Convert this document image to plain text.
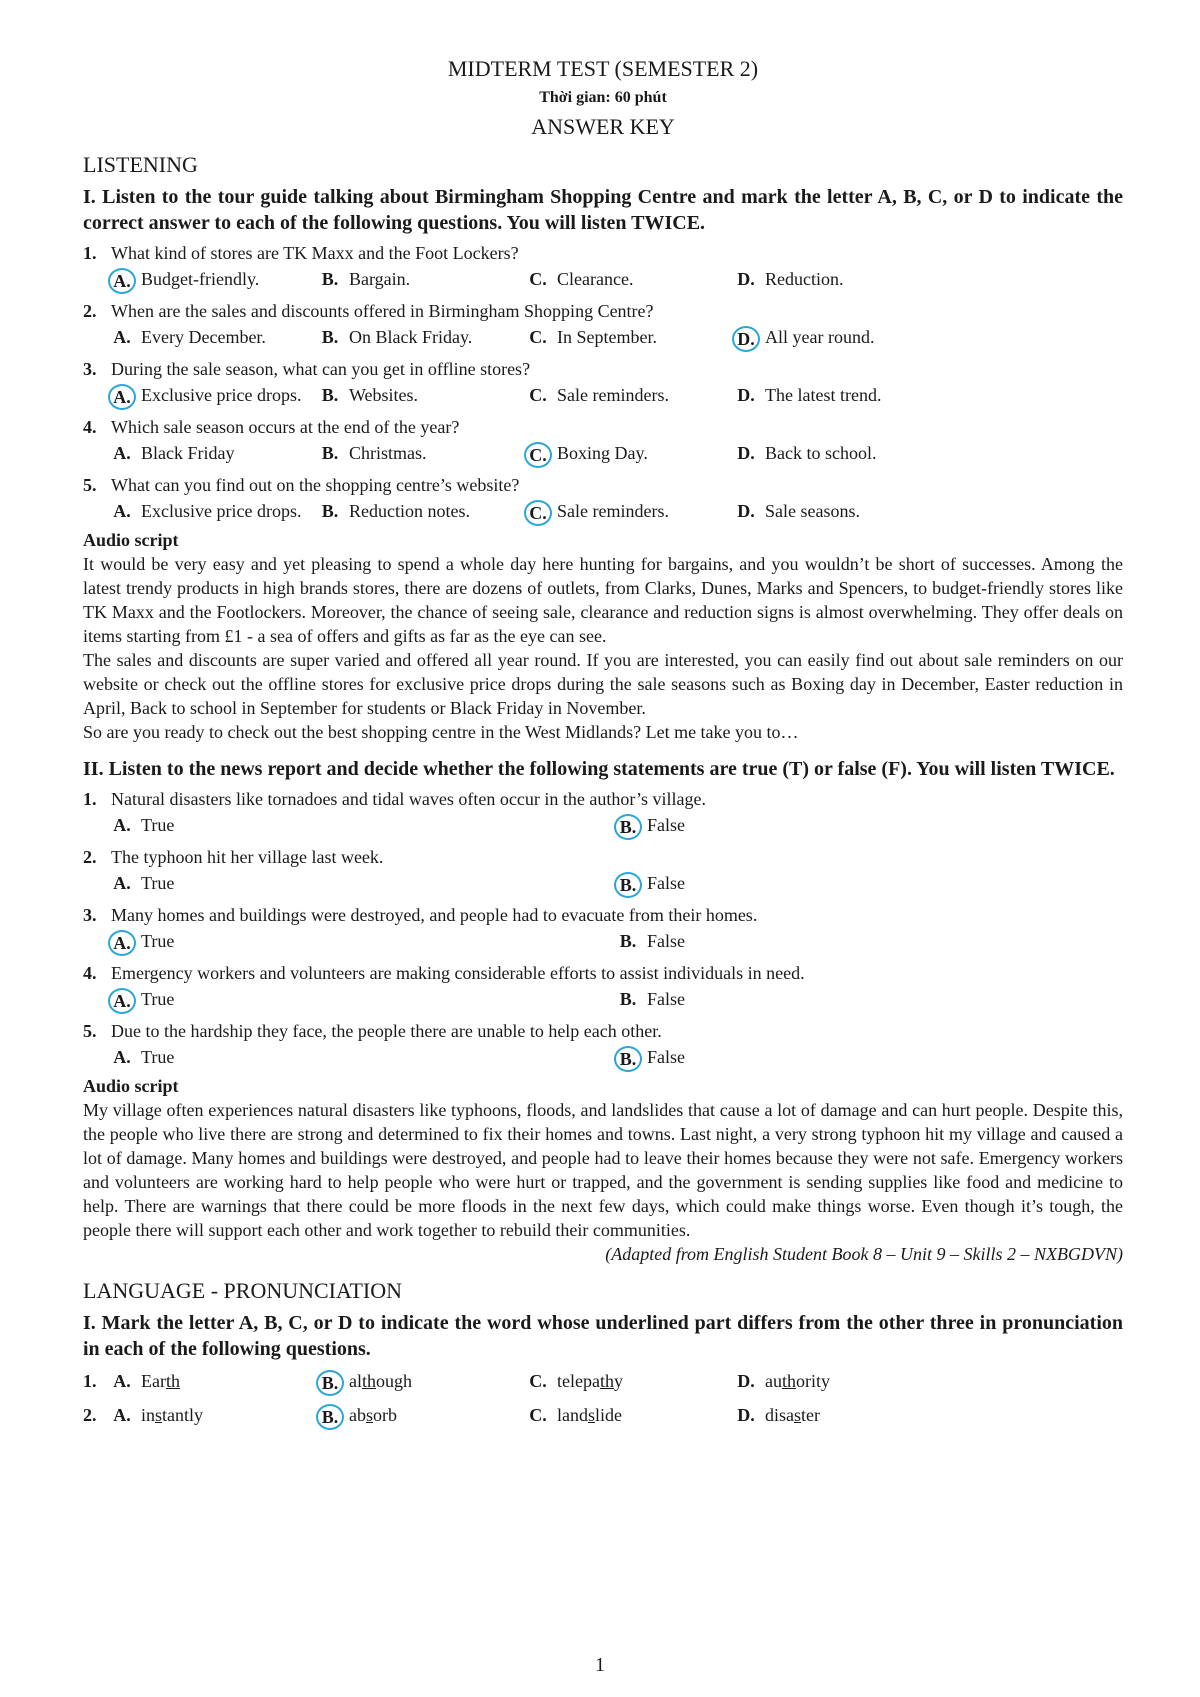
MIDTERM TEST (SEMESTER 2)
Thời gian: 60 phút
ANSWER KEY
LISTENING
I. Listen to the tour guide talking about Birmingham Shopping Centre and mark the letter A, B, C, or D to indicate the correct answer to each of the following questions. You will listen TWICE.
1. What kind of stores are TK Maxx and the Foot Lockers?
A. Budget-friendly.	B. Bargain.	C. Clearance.	D. Reduction.
2. When are the sales and discounts offered in Birmingham Shopping Centre?
A. Every December.	B. On Black Friday.	C. In September.	D. All year round.
3. During the sale season, what can you get in offline stores?
A. Exclusive price drops. B. Websites.	C. Sale reminders.	D. The latest trend.
4. Which sale season occurs at the end of the year?
A. Black Friday	B. Christmas.	C. Boxing Day.	D. Back to school.
5. What can you find out on the shopping centre’s website?
A. Exclusive price drops. B. Reduction notes.	C. Sale reminders.	D. Sale seasons.
Audio script

It would be very easy and yet pleasing to spend a whole day here hunting for bargains, and you wouldn’t be short of successes. Among the latest trendy products in high brands stores, there are dozens of outlets, from Clarks, Dunes, Marks and Spencers, to budget-friendly stores like TK Maxx and the Footlockers. Moreover, the chance of seeing sale, clearance and reduction signs is almost overwhelming. They offer deals on items starting from £1 - a sea of offers and gifts as far as the eye can see.

The sales and discounts are super varied and offered all year round. If you are interested, you can easily find out about sale reminders on our website or check out the offline stores for exclusive price drops during the sale seasons such as Boxing day in December, Easter reduction in April, Back to school in September for students or Black Friday in November.

So are you ready to check out the best shopping centre in the West Midlands? Let me take you to…

II. Listen to the news report and decide whether the following statements are true (T) or false (F). You will listen TWICE.
1. Natural disasters like tornadoes and tidal waves often occur in the author’s village.
A. True	B. False
2. The typhoon hit her village last week.
A. True	B. False
3. Many homes and buildings were destroyed, and people had to evacuate from their homes.
A. True	B. False
4. Emergency workers and volunteers are making considerable efforts to assist individuals in need.
A. True	B. False
5. Due to the hardship they face, the people there are unable to help each other.
A. True	B. False
Audio script

My village often experiences natural disasters like typhoons, floods, and landslides that cause a lot of damage and can hurt people. Despite this, the people who live there are strong and determined to fix their homes and towns. Last night, a very strong typhoon hit my village and caused a lot of damage. Many homes and buildings were destroyed, and people had to leave their homes because they were not safe. Emergency workers and volunteers are working hard to help people who were hurt or trapped, and the government is sending supplies like food and medicine to help. There are warnings that there could be more floods in the next few days, which could make things worse. Even though it’s tough, the people there will support each other and work together to rebuild their communities.

(Adapted from English Student Book 8 – Unit 9 – Skills 2 – NXBGDVN)
LANGUAGE - PRONUNCIATION
I. Mark the letter A, B, C, or D to indicate the word whose underlined part differs from the other three in pronunciation in each of the following questions.
1. A. Earth	B. although	C. telepathy	D. authority
2. A. instantly	B. absorb	C. landslide	D. disaster
1
